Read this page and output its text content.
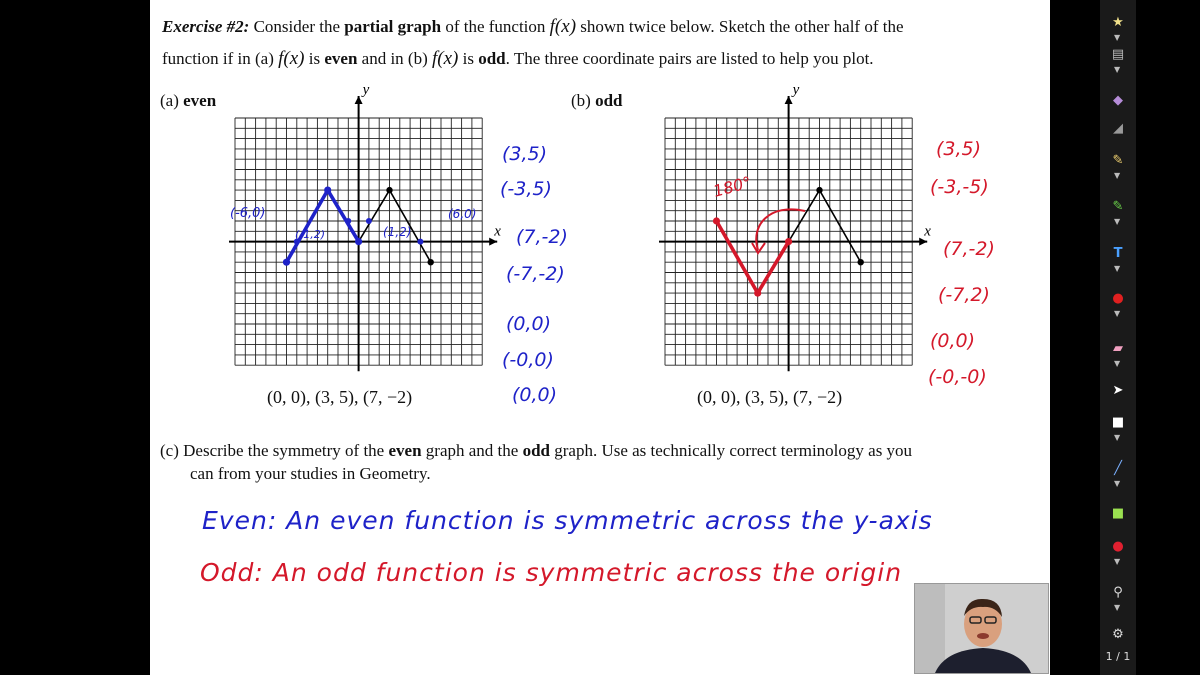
Exercise #2: Consider the partial graph of the function f(x) shown twice below. Sketch the other half of the
function if in (a) f(x) is even and in (b) f(x) is odd. The three coordinate pairs are listed to help you plot.
(a) even	(b) odd
y
x
(-6,0)
(-1,2)	(1,2)
(6,0)
y
x
180°
(0, 0), (3, 5), (7, −2)	(0, 0), (3, 5), (7, −2)
(3,5)
(-3,5)
(7,-2)
(-7,-2)
(0,0)
(-0,0)
(0,0)
(3,5)
(-3,-5)
(7,-2)
(-7,2)
(0,0)
(-0,-0)
(c) Describe the symmetry of the even graph and the odd graph. Use as technically correct terminology as you
can from your studies in Geometry.
Even: An even function is symmetric across the y-axis
Odd: An odd function is symmetric across the origin
★
▼
▤
▼
◆
◢
✎
▼
✎
▼
T
▼
●
▼
▰
▼
➤
■
▼
╱
▼
■
●
▼
⚲
▼
⚙
1 / 1
